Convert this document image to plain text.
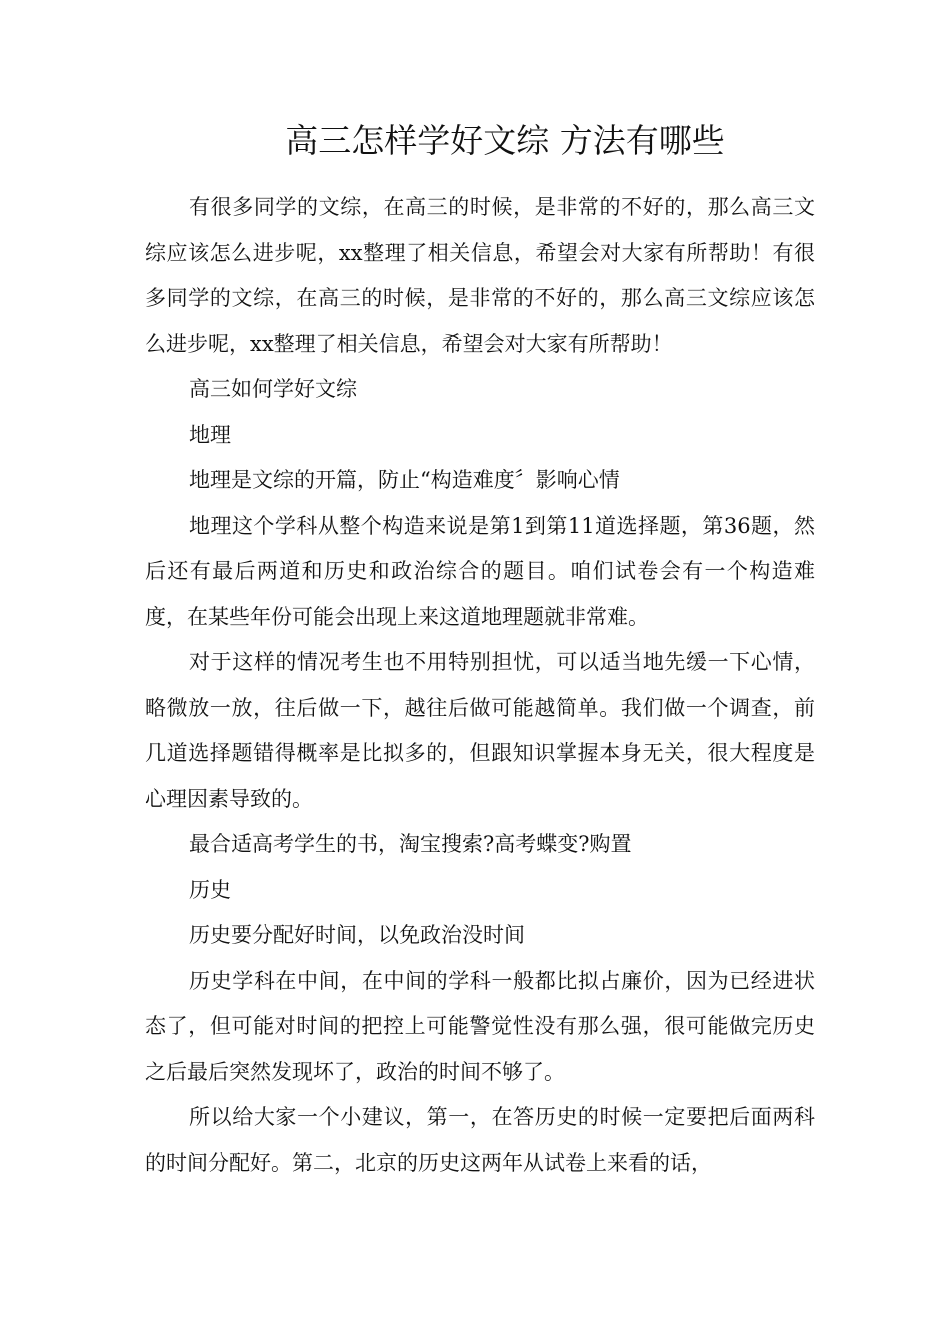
高三怎样学好文综 方法有哪些

有很多同学的文综，在高三的时候，是非常的不好的，那么高三文综应该怎么进步呢，xx整理了相关信息，希望会对大家有所帮助！有很多同学的文综，在高三的时候，是非常的不好的，那么高三文综应该怎么进步呢，xx整理了相关信息，希望会对大家有所帮助！

高三如何学好文综

地理

地理是文综的开篇，防止“构造难度〞影响心情

地理这个学科从整个构造来说是第1到第11道选择题，第36题，然后还有最后两道和历史和政治综合的题目。咱们试卷会有一个构造难度，在某些年份可能会出现上来这道地理题就非常难。

对于这样的情况考生也不用特别担忧，可以适当地先缓一下心情，略微放一放，往后做一下，越往后做可能越简单。我们做一个调查，前几道选择题错得概率是比拟多的，但跟知识掌握本身无关，很大程度是心理因素导致的。

最合适高考学生的书，淘宝搜索?高考蝶变?购置

历史

历史要分配好时间，以免政治没时间

历史学科在中间，在中间的学科一般都比拟占廉价，因为已经进状态了，但可能对时间的把控上可能警觉性没有那么强，很可能做完历史之后最后突然发现坏了，政治的时间不够了。

所以给大家一个小建议，第一，在答历史的时候一定要把后面两科的时间分配好。第二，北京的历史这两年从试卷上来看的话，
